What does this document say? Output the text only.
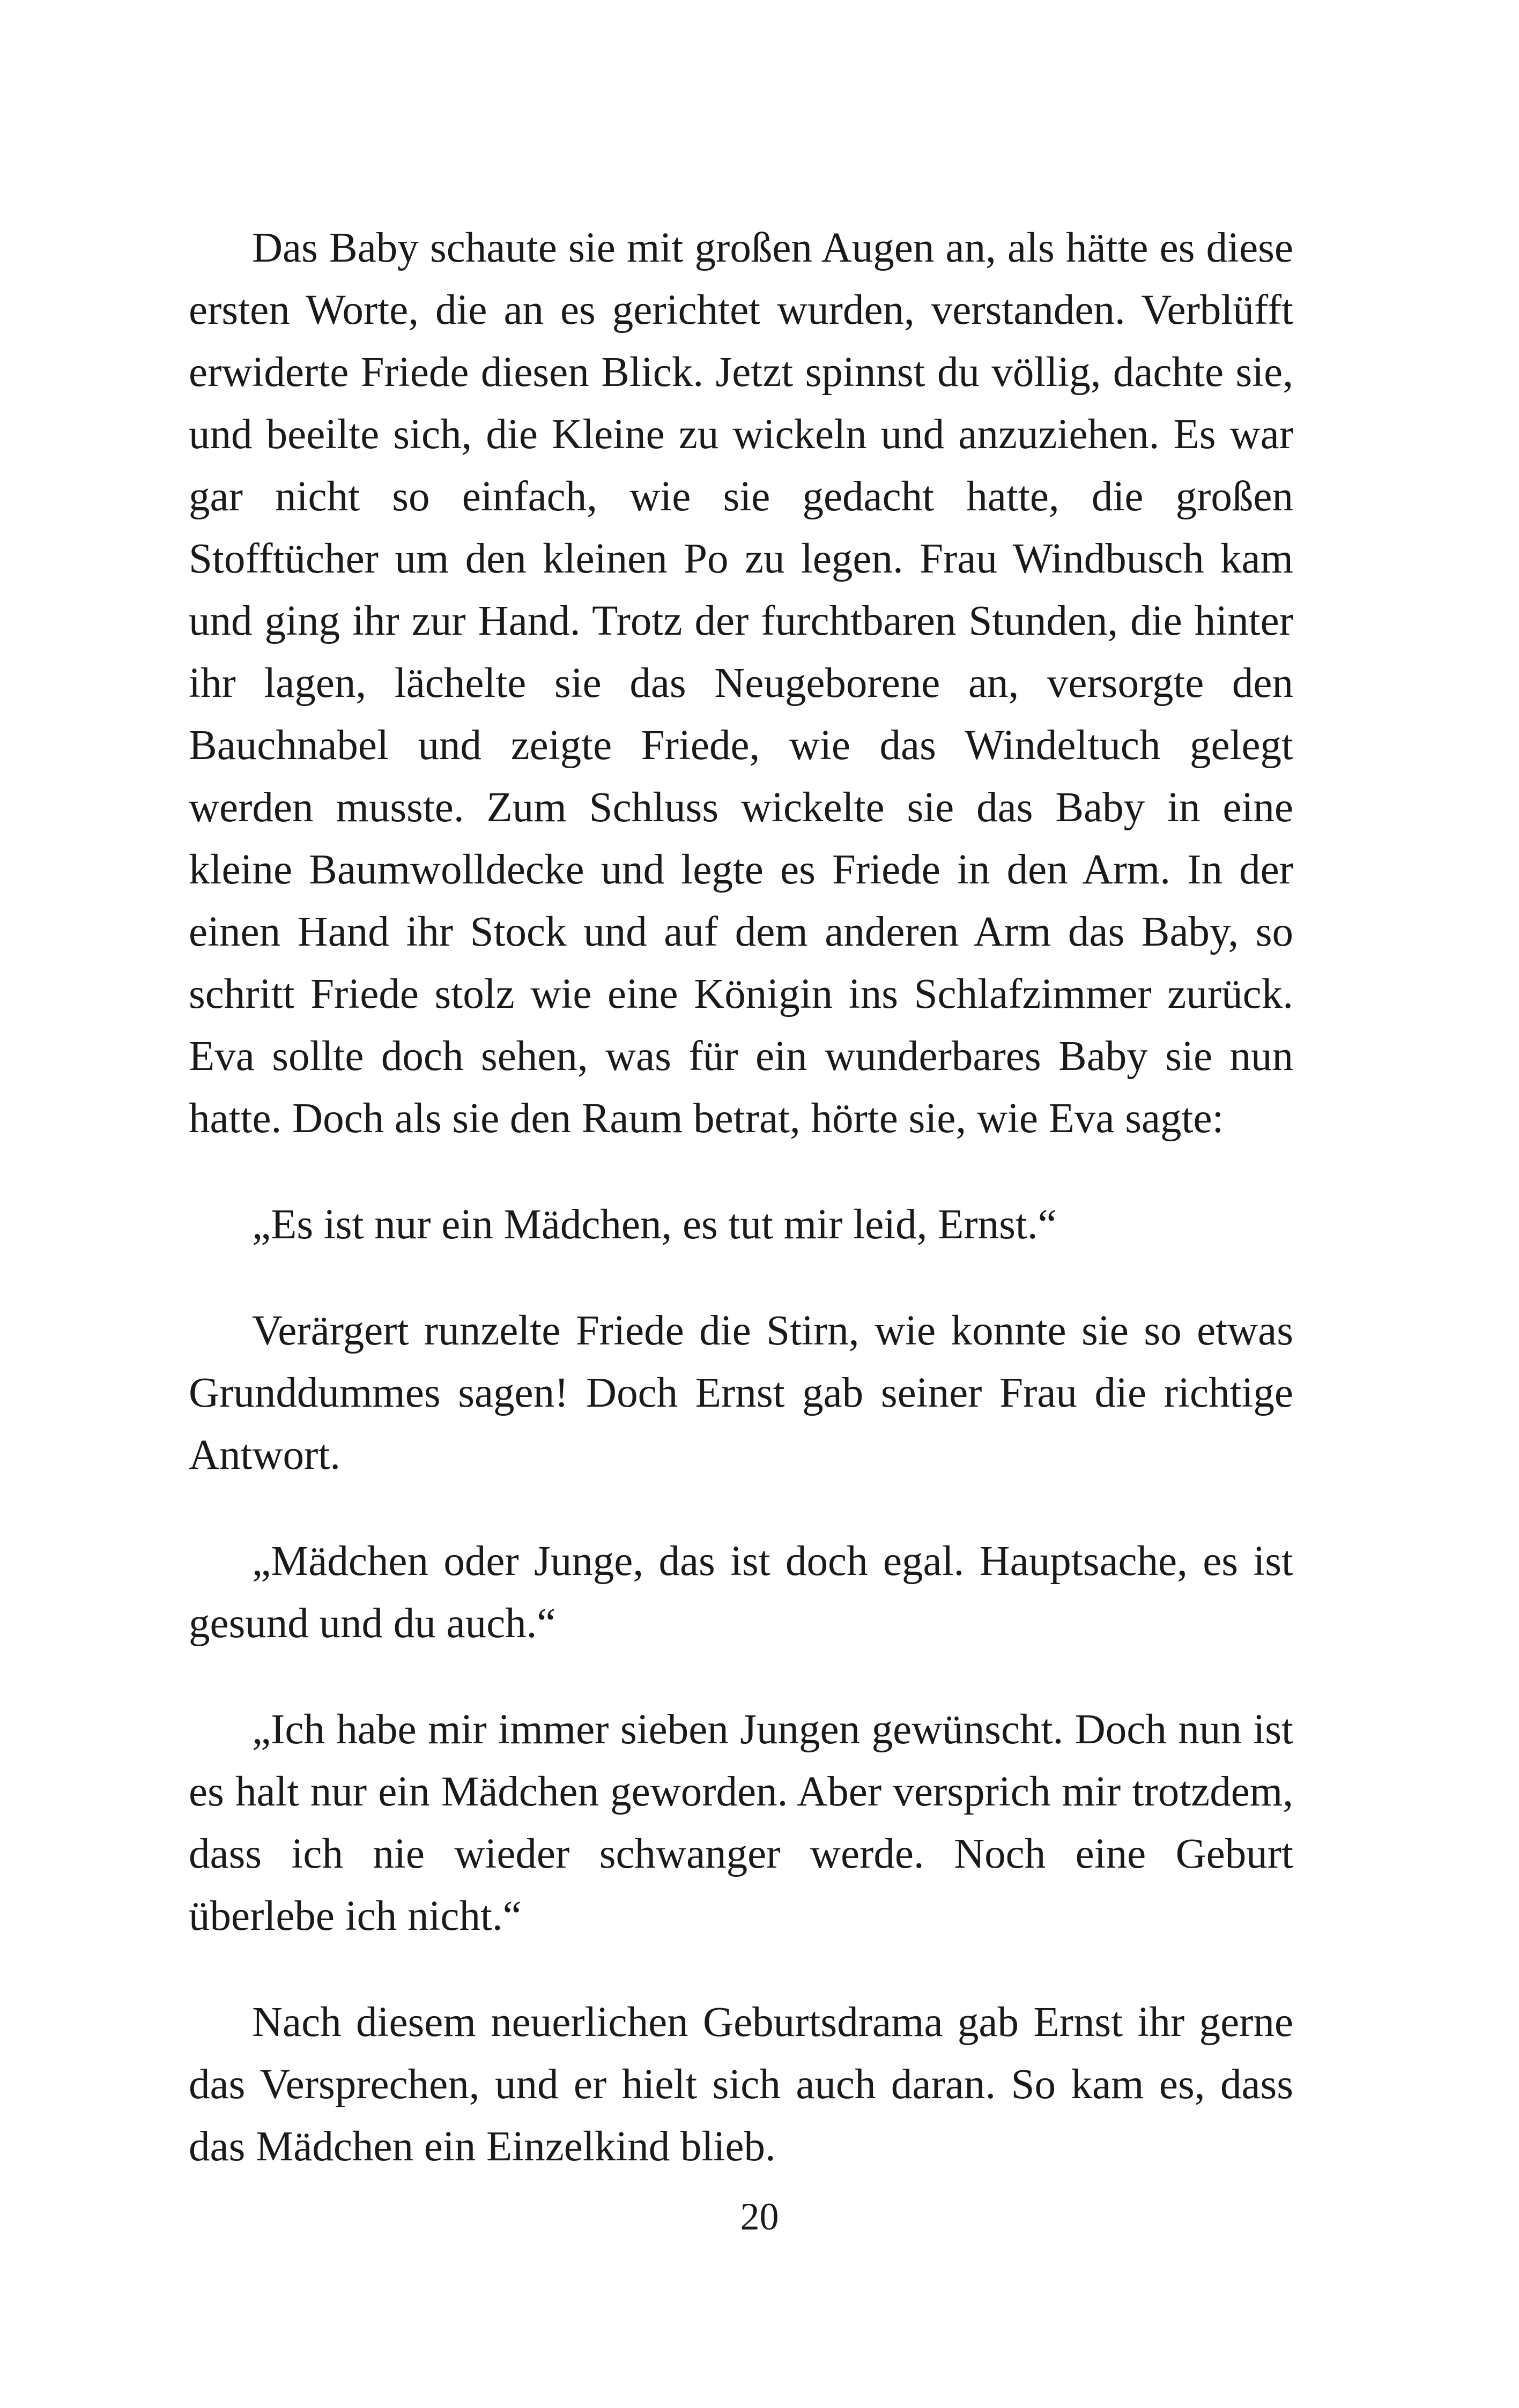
Das Baby schaute sie mit großen Augen an, als hätte es diese ersten Worte, die an es gerichtet wurden, verstanden. Verblüfft erwiderte Friede diesen Blick. Jetzt spinnst du völlig, dachte sie, und beeilte sich, die Kleine zu wickeln und anzuziehen. Es war gar nicht so einfach, wie sie gedacht hatte, die großen Stofftücher um den kleinen Po zu legen. Frau Windbusch kam und ging ihr zur Hand. Trotz der furchtbaren Stunden, die hinter ihr lagen, lächelte sie das Neugeborene an, versorgte den Bauchnabel und zeigte Friede, wie das Windeltuch gelegt werden musste. Zum Schluss wickelte sie das Baby in eine kleine Baumwolldecke und legte es Friede in den Arm. In der einen Hand ihr Stock und auf dem anderen Arm das Baby, so schritt Friede stolz wie eine Königin ins Schlafzimmer zurück. Eva sollte doch sehen, was für ein wunderbares Baby sie nun hatte. Doch als sie den Raum betrat, hörte sie, wie Eva sagte:

„Es ist nur ein Mädchen, es tut mir leid, Ernst.“

Verärgert runzelte Friede die Stirn, wie konnte sie so etwas Grunddummes sagen! Doch Ernst gab seiner Frau die richtige Antwort.

„Mädchen oder Junge, das ist doch egal. Hauptsache, es ist gesund und du auch.“

„Ich habe mir immer sieben Jungen gewünscht. Doch nun ist es halt nur ein Mädchen geworden. Aber versprich mir trotzdem, dass ich nie wieder schwanger werde. Noch eine Geburt überlebe ich nicht.“

Nach diesem neuerlichen Geburtsdrama gab Ernst ihr gerne das Versprechen, und er hielt sich auch daran. So kam es, dass das Mädchen ein Einzelkind blieb.

20
